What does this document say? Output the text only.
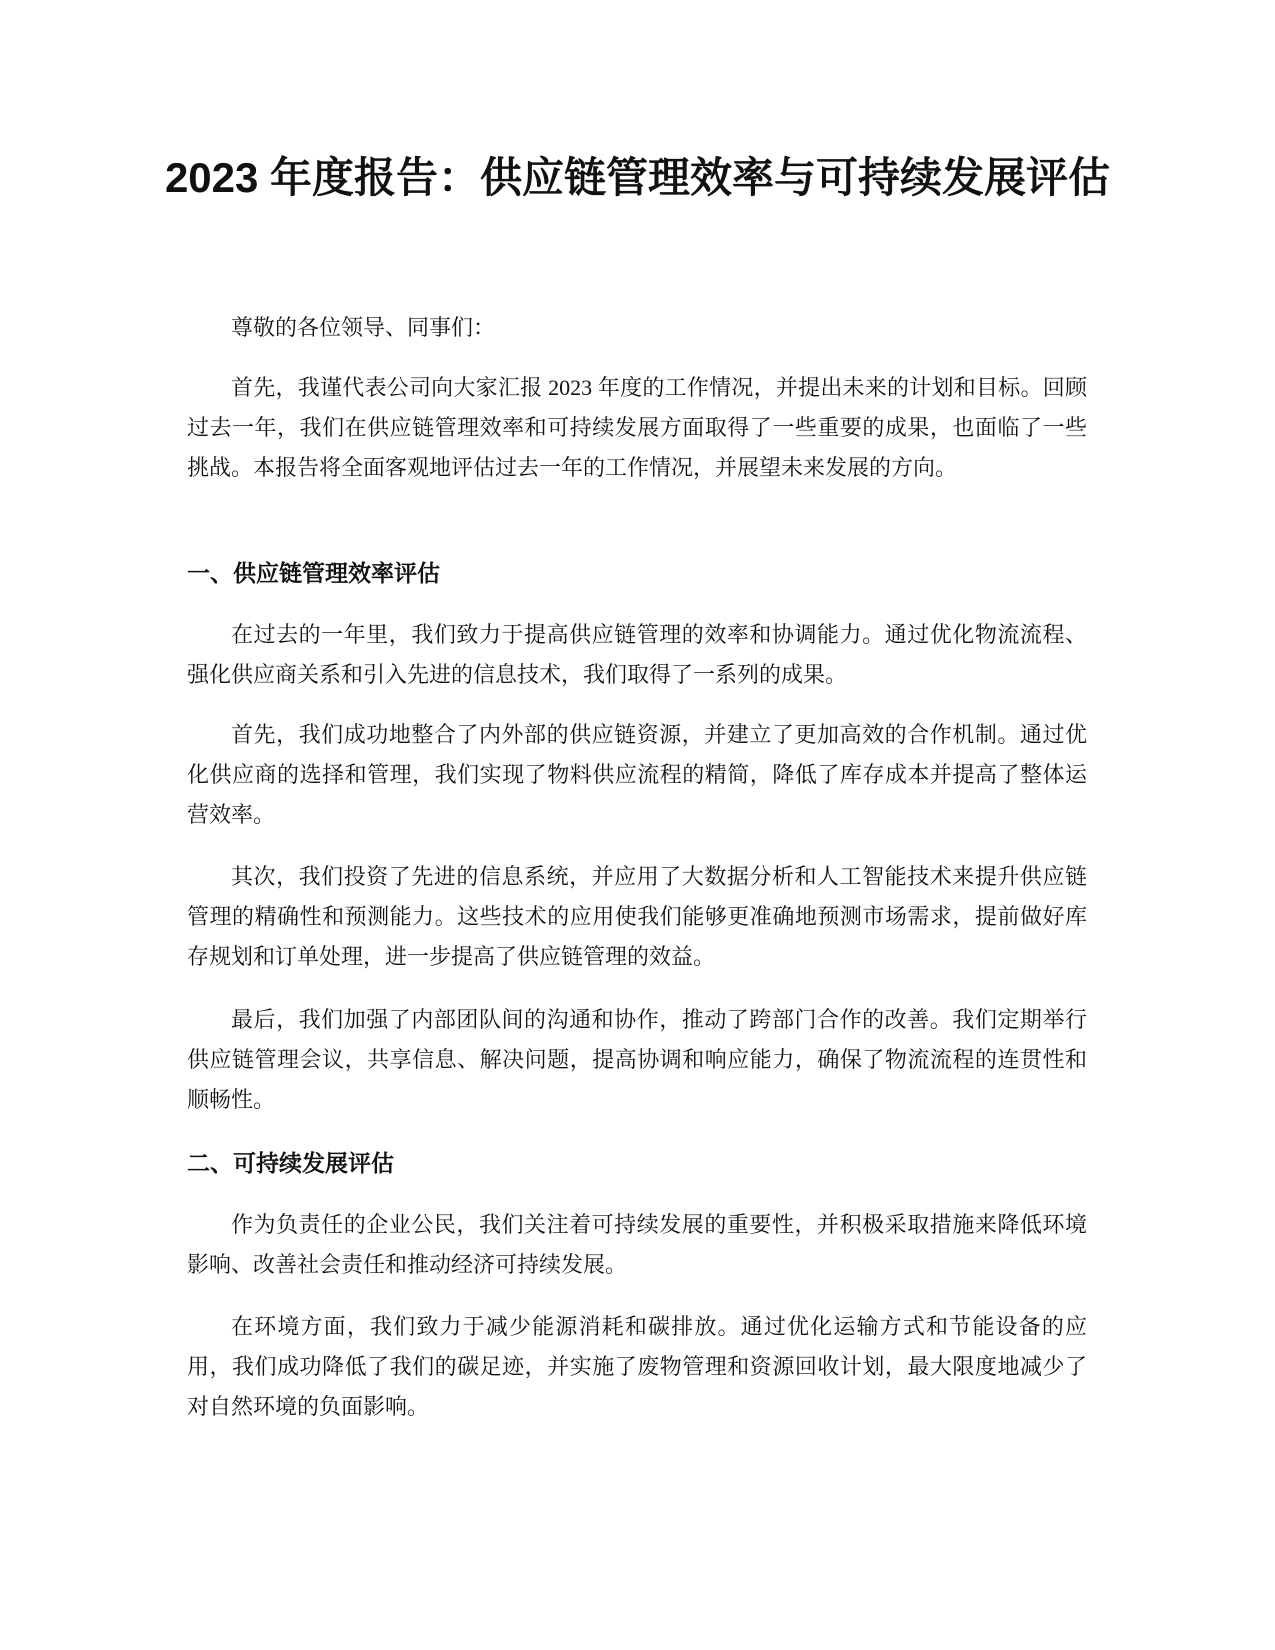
2023 年度报告：供应链管理效率与可持续发展评估

尊敬的各位领导、同事们：

首先，我谨代表公司向大家汇报 2023 年度的工作情况，并提出未来的计划和目标。回顾过去一年，我们在供应链管理效率和可持续发展方面取得了一些重要的成果，也面临了一些挑战。本报告将全面客观地评估过去一年的工作情况，并展望未来发展的方向。

一、供应链管理效率评估

在过去的一年里，我们致力于提高供应链管理的效率和协调能力。通过优化物流流程、强化供应商关系和引入先进的信息技术，我们取得了一系列的成果。

首先，我们成功地整合了内外部的供应链资源，并建立了更加高效的合作机制。通过优化供应商的选择和管理，我们实现了物料供应流程的精简，降低了库存成本并提高了整体运营效率。

其次，我们投资了先进的信息系统，并应用了大数据分析和人工智能技术来提升供应链管理的精确性和预测能力。这些技术的应用使我们能够更准确地预测市场需求，提前做好库存规划和订单处理，进一步提高了供应链管理的效益。

最后，我们加强了内部团队间的沟通和协作，推动了跨部门合作的改善。我们定期举行供应链管理会议，共享信息、解决问题，提高协调和响应能力，确保了物流流程的连贯性和顺畅性。

二、可持续发展评估

作为负责任的企业公民，我们关注着可持续发展的重要性，并积极采取措施来降低环境影响、改善社会责任和推动经济可持续发展。

在环境方面，我们致力于减少能源消耗和碳排放。通过优化运输方式和节能设备的应用，我们成功降低了我们的碳足迹，并实施了废物管理和资源回收计划，最大限度地减少了对自然环境的负面影响。
